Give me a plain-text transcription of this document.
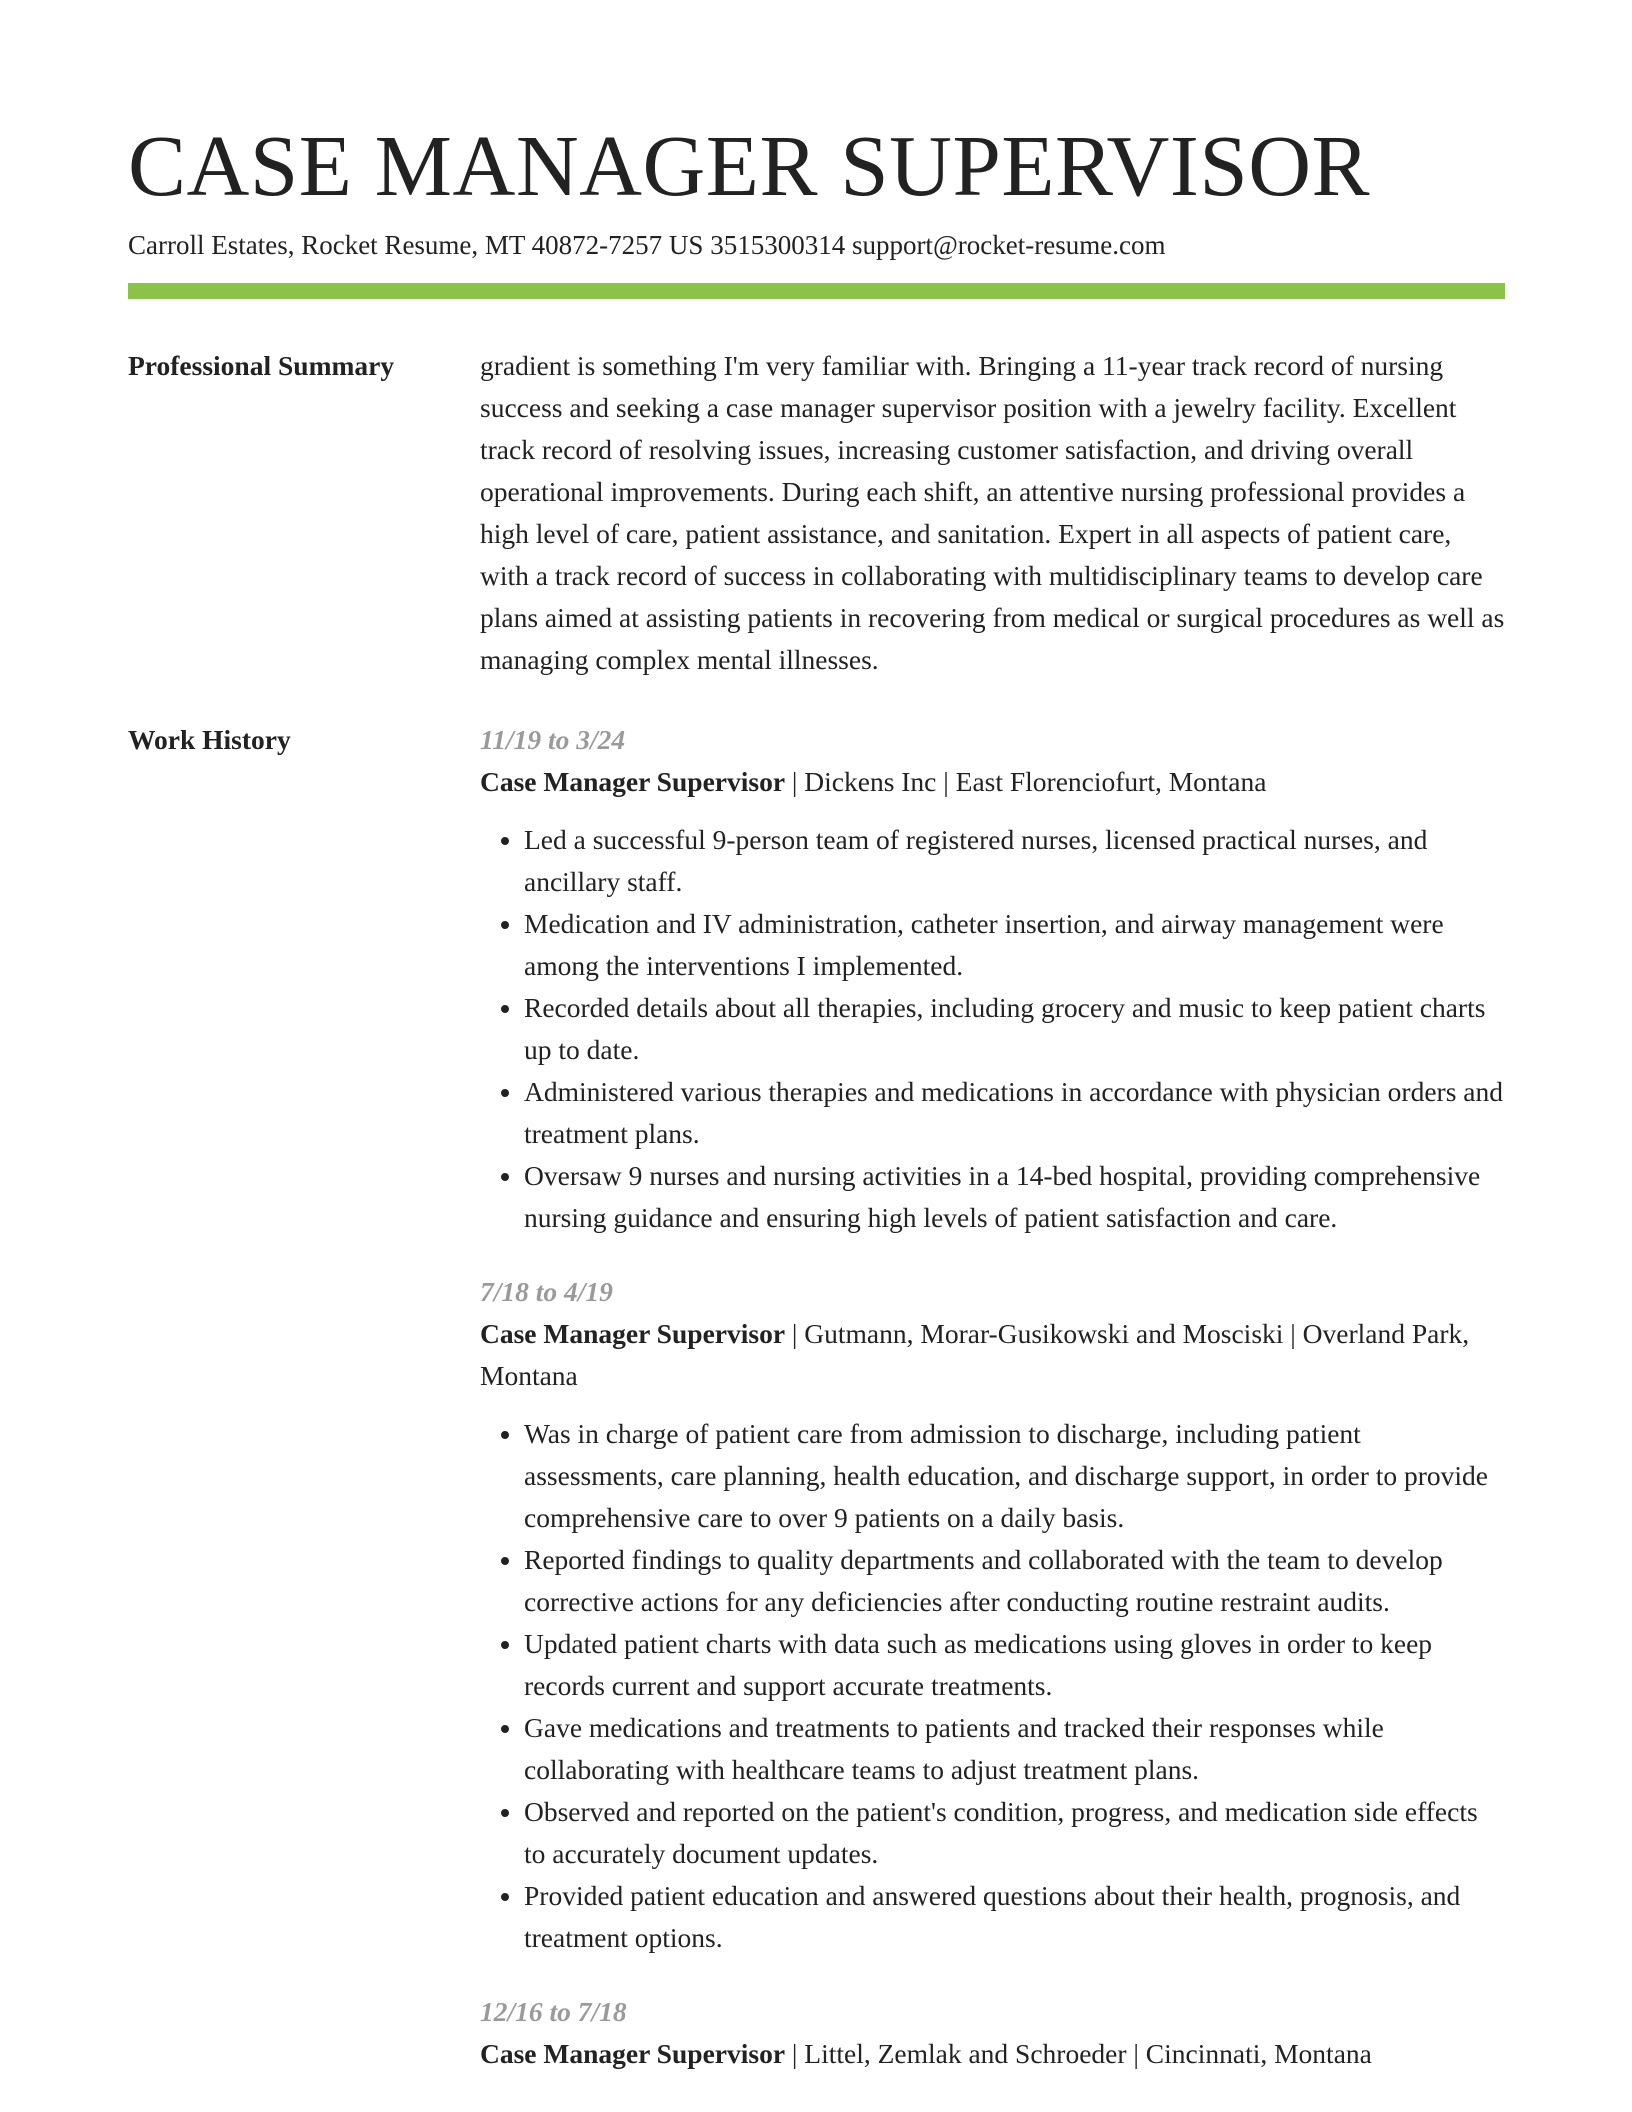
CASE MANAGER SUPERVISOR
Carroll Estates, Rocket Resume, MT 40872-7257 US 3515300314 support@rocket-resume.com
Professional Summary	gradient is something I'm very familiar with. Bringing a 11-year track record of nursing success and seeking a case manager supervisor position with a jewelry facility. Excellent track record of resolving issues, increasing customer satisfaction, and driving overall operational improvements. During each shift, an attentive nursing professional provides a high level of care, patient assistance, and sanitation. Expert in all aspects of patient care, with a track record of success in collaborating with multidisciplinary teams to develop care plans aimed at assisting patients in recovering from medical or surgical procedures as well as managing complex mental illnesses.

Work History	11/19 to 3/24
Case Manager Supervisor | Dickens Inc | East Florenciofurt, Montana
• Led a successful 9-person team of registered nurses, licensed practical nurses, and ancillary staff.
• Medication and IV administration, catheter insertion, and airway management were among the interventions I implemented.
• Recorded details about all therapies, including grocery and music to keep patient charts up to date.
• Administered various therapies and medications in accordance with physician orders and treatment plans.
• Oversaw 9 nurses and nursing activities in a 14-bed hospital, providing comprehensive nursing guidance and ensuring high levels of patient satisfaction and care.
7/18 to 4/19
Case Manager Supervisor | Gutmann, Morar-Gusikowski and Mosciski | Overland Park, Montana
• Was in charge of patient care from admission to discharge, including patient assessments, care planning, health education, and discharge support, in order to provide comprehensive care to over 9 patients on a daily basis.
• Reported findings to quality departments and collaborated with the team to develop corrective actions for any deficiencies after conducting routine restraint audits.
• Updated patient charts with data such as medications using gloves in order to keep records current and support accurate treatments.
• Gave medications and treatments to patients and tracked their responses while collaborating with healthcare teams to adjust treatment plans.
• Observed and reported on the patient's condition, progress, and medication side effects to accurately document updates.
• Provided patient education and answered questions about their health, prognosis, and treatment options.
12/16 to 7/18
Case Manager Supervisor | Littel, Zemlak and Schroeder | Cincinnati, Montana
